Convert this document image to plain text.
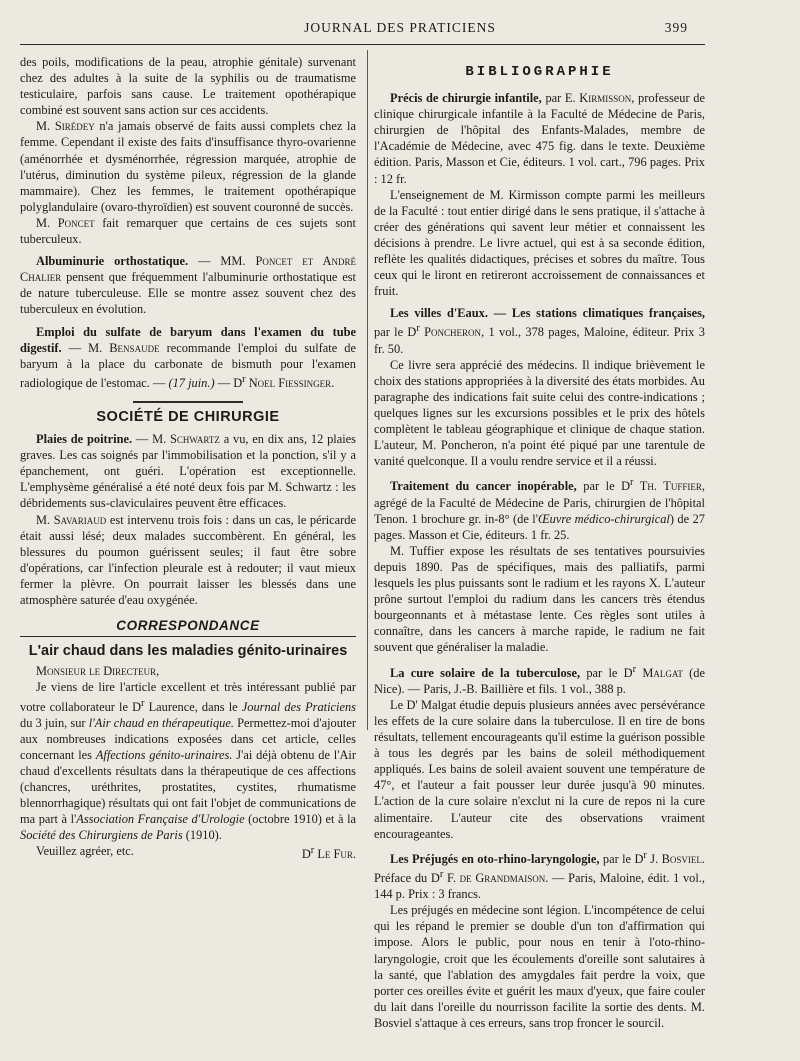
JOURNAL DES PRATICIENS	399

des poils, modifications de la peau, atrophie génitale) survenant chez des adultes à la suite de la syphilis ou de traumatisme testiculaire, parfois sans cause. Le traitement opothérapique combiné est souvent sans action sur ces accidents.

M. Sirédey n'a jamais observé de faits aussi complets chez la femme. Cependant il existe des faits d'insuffisance thyro-ovarienne (aménorrhée et dysménorrhée, régression marquée, atrophie de l'utérus, diminution du système pileux, régression de la glande mammaire). Chez les femmes, le traitement opothérapique polyglandulaire (ovaro-thyroïdien) est souvent couronné de succès.

M. Poncet fait remarquer que certains de ces sujets sont tuberculeux.

Albuminurie orthostatique. — MM. Poncet et André Chalier pensent que fréquemment l'albuminurie orthostatique est de nature tuberculeuse. Elle se montre assez souvent chez des tuberculeux en évolution.

Emploi du sulfate de baryum dans l'examen du tube digestif. — M. Bensaude recommande l'emploi du sulfate de baryum à la place du carbonate de bismuth pour l'examen radiologique de l'estomac. — (17 juin.) — $D^r$ Noel Fiessinger.

SOCIÉTÉ DE CHIRURGIE

Plaies de poitrine. — M. Schwartz a vu, en dix ans, 12 plaies graves. Les cas soignés par l'immobilisation et la ponction, s'il y a épanchement, ont guéri. L'opération est exceptionnelle. L'emphysème généralisé a été noté deux fois par M. Schwartz : les débridements sus-claviculaires peuvent être efficaces.

M. Savariaud est intervenu trois fois : dans un cas, le péricarde était aussi lésé; deux malades succombèrent. En général, les blessures du poumon guérissent seules; il faut être sobre d'opérations, car l'infection pleurale est à redouter; il vaut mieux fermer la plèvre. On pourrait laisser les blessés dans une atmosphère saturée d'eau oxygénée.

CORRESPONDANCE
L'air chaud dans les maladies génito-urinaires

Monsieur le Directeur,

Je viens de lire l'article excellent et très intéressant publié par votre collaborateur le $D^r$ Laurence, dans le Journal des Praticiens du 3 juin, sur l'Air chaud en thérapeutique. Permettez-moi d'ajouter aux nombreuses indications exposées dans cet article, celles concernant les Affections génito-urinaires. J'ai déjà obtenu de l'Air chaud d'excellents résultats dans la thérapeutique de ces affections (chancres, uréthrites, prostatites, cystites, rhumatisme blennorrhagique) résultats qui ont fait l'objet de communications de ma part à l'Association Française d'Urologie (octobre 1910) et à la Société des Chirurgiens de Paris (1910).

Veuillez agréer, etc.	$D^r$ Le Fur.
BIBLIOGRAPHIE

Précis de chirurgie infantile, par E. Kirmisson, professeur de clinique chirurgicale infantile à la Faculté de Médecine de Paris, chirurgien de l'hôpital des Enfants-Malades, membre de l'Académie de Médecine, avec 475 fig. dans le texte. Deuxième édition. Paris, Masson et Cie, éditeurs. 1 vol. cart., 796 pages. Prix : 12 fr.

L'enseignement de M. Kirmisson compte parmi les meilleurs de la Faculté : tout entier dirigé dans le sens pratique, il s'attache à créer des générations qui savent leur métier et connaissent les décisions à prendre. Le livre actuel, qui est à sa seconde édition, reflète les qualités didactiques, précises et sobres du maître. Tous ceux qui le liront en retireront accroissement de connaissances et fruit.

Les villes d'Eaux. — Les stations climatiques françaises, par le $D^r$ Poncheron, 1 vol., 378 pages, Maloine, éditeur. Prix 3 fr. 50.

Ce livre sera apprécié des médecins. Il indique brièvement le choix des stations appropriées à la diversité des états morbides. Au paragraphe des indications fait suite celui des contre-indications ; quelques lignes sur les excursions possibles et le prix des hôtels complètent le tableau géographique et clinique de chaque station. L'auteur, M. Poncheron, n'a point été piqué par une tarentule de vanité quelconque. Il a voulu rendre service et il a réussi.

Traitement du cancer inopérable, par le $D^r$ Th. Tuffier, agrégé de la Faculté de Médecine de Paris, chirurgien de l'hôpital Tenon. 1 brochure gr. in-8° (de l'Œuvre médico-chirurgical) de 27 pages. Masson et Cie, éditeurs. 1 fr. 25.

M. Tuffier expose les résultats de ses tentatives poursuivies depuis 1890. Pas de spécifiques, mais des palliatifs, parmi lesquels les plus puissants sont le radium et les rayons X. L'auteur prône surtout l'emploi du radium dans les cancers très étendus bourgeonnants et à métastase lente. Ces règles sont utiles à connaître, dans les cancers à marche rapide, le radium ne fait souvent que généraliser la maladie.

La cure solaire de la tuberculose, par le $D^r$ Malgat (de Nice). — Paris, J.-B. Baillière et fils. 1 vol., 388 p.

Le D' Malgat étudie depuis plusieurs années avec persévérance les effets de la cure solaire dans la tuberculose. Il en tire de bons résultats, tellement encourageants qu'il estime la guérison possible à tous les degrés par les bains de soleil méthodiquement appliqués. Les bains de soleil avaient souvent une température de 47°, et l'auteur a fait pousser leur durée jusqu'à 90 minutes. L'action de la cure solaire n'exclut ni la cure de repos ni la cure alimentaire. L'auteur cite des observations vraiment encourageantes.

Les Préjugés en oto-rhino-laryngologie, par le $D^r$ J. Bosviel. Préface du $D^r$ F. de Grandmaison. — Paris, Maloine, édit. 1 vol., 144 p. Prix : 3 francs.

Les préjugés en médecine sont légion. L'incompétence de celui qui les répand le premier se double d'un ton d'affirmation qui impose. Alors le public, pour nous en tenir à l'oto-rhino-laryngologie, croit que les écoulements d'oreille sont salutaires à la santé, que l'ablation des amygdales fait perdre la voix, que porter ces oreilles évite et guérit les maux d'yeux, que faire couler du lait dans l'oreille du nourrisson facilite la sortie des dents. M. Bosviel s'attaque à ces erreurs, sans trop froncer le sourcil.
